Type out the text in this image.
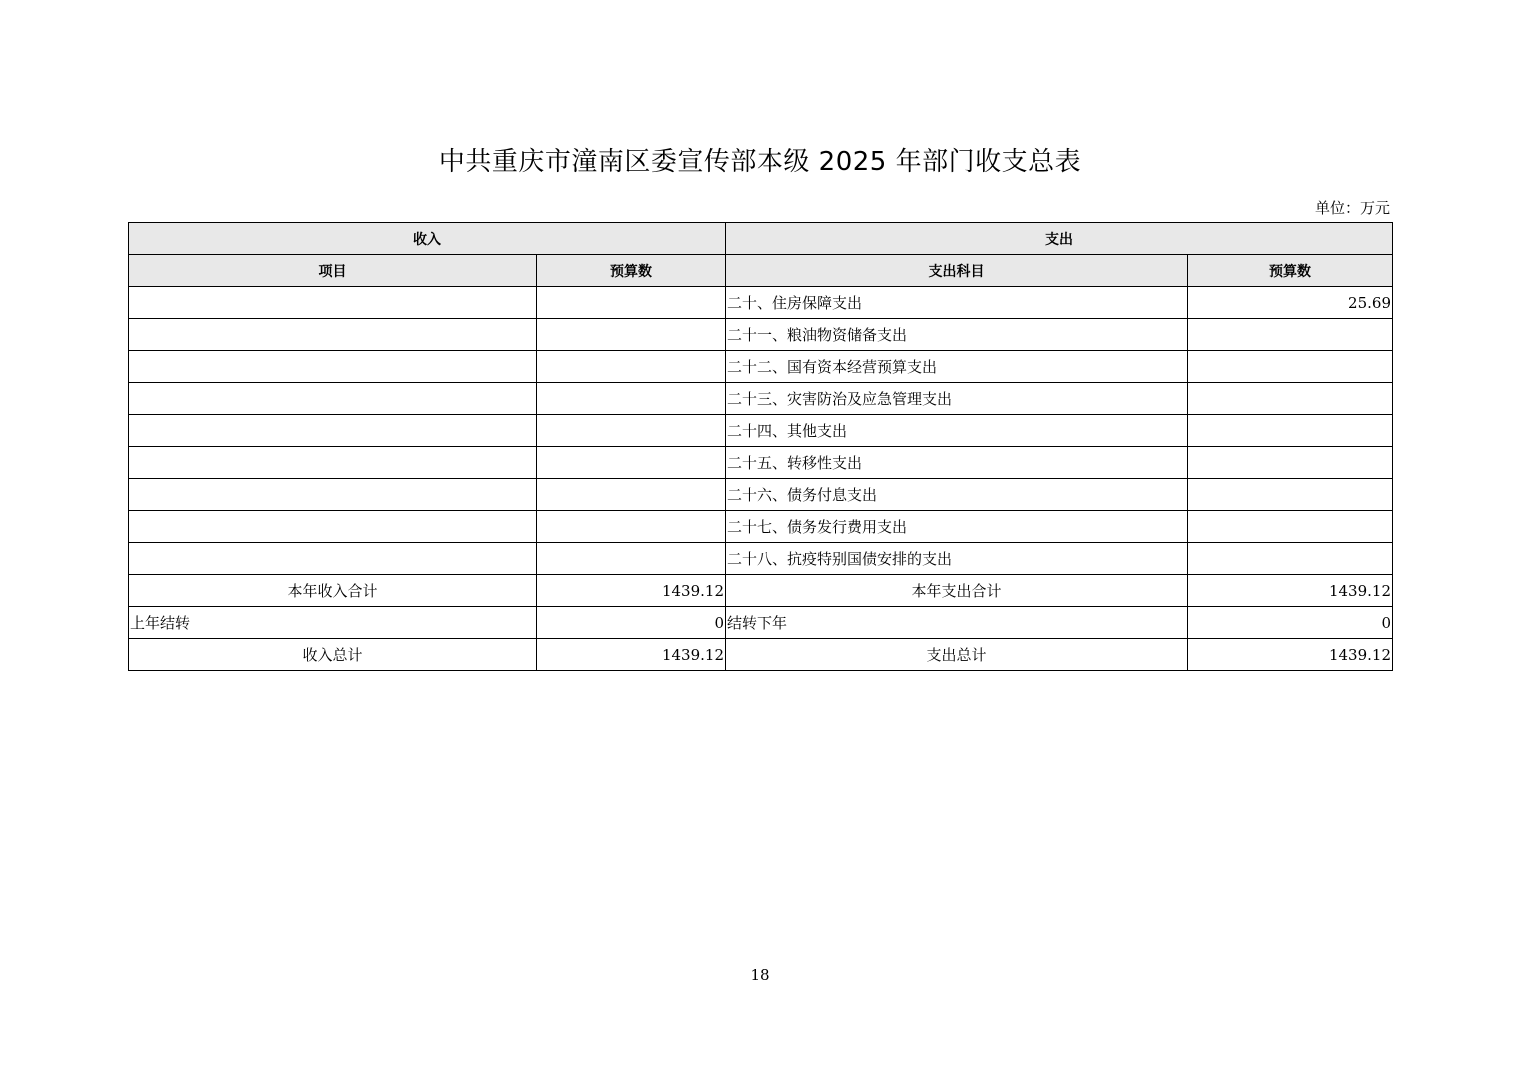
中共重庆市潼南区委宣传部本级 2025 年部门收支总表
单位：万元
收入		支出	
项目	预算数	支出科目	预算数
		二十、住房保障支出	25.69
		二十一、粮油物资储备支出	
		二十二、国有资本经营预算支出	
		二十三、灾害防治及应急管理支出	
		二十四、其他支出	
		二十五、转移性支出	
		二十六、债务付息支出	
		二十七、债务发行费用支出	
		二十八、抗疫特别国债安排的支出	
本年收入合计	1439.12	本年支出合计	1439.12
上年结转	0	结转下年	0
收入总计	1439.12	支出总计	1439.12
18
